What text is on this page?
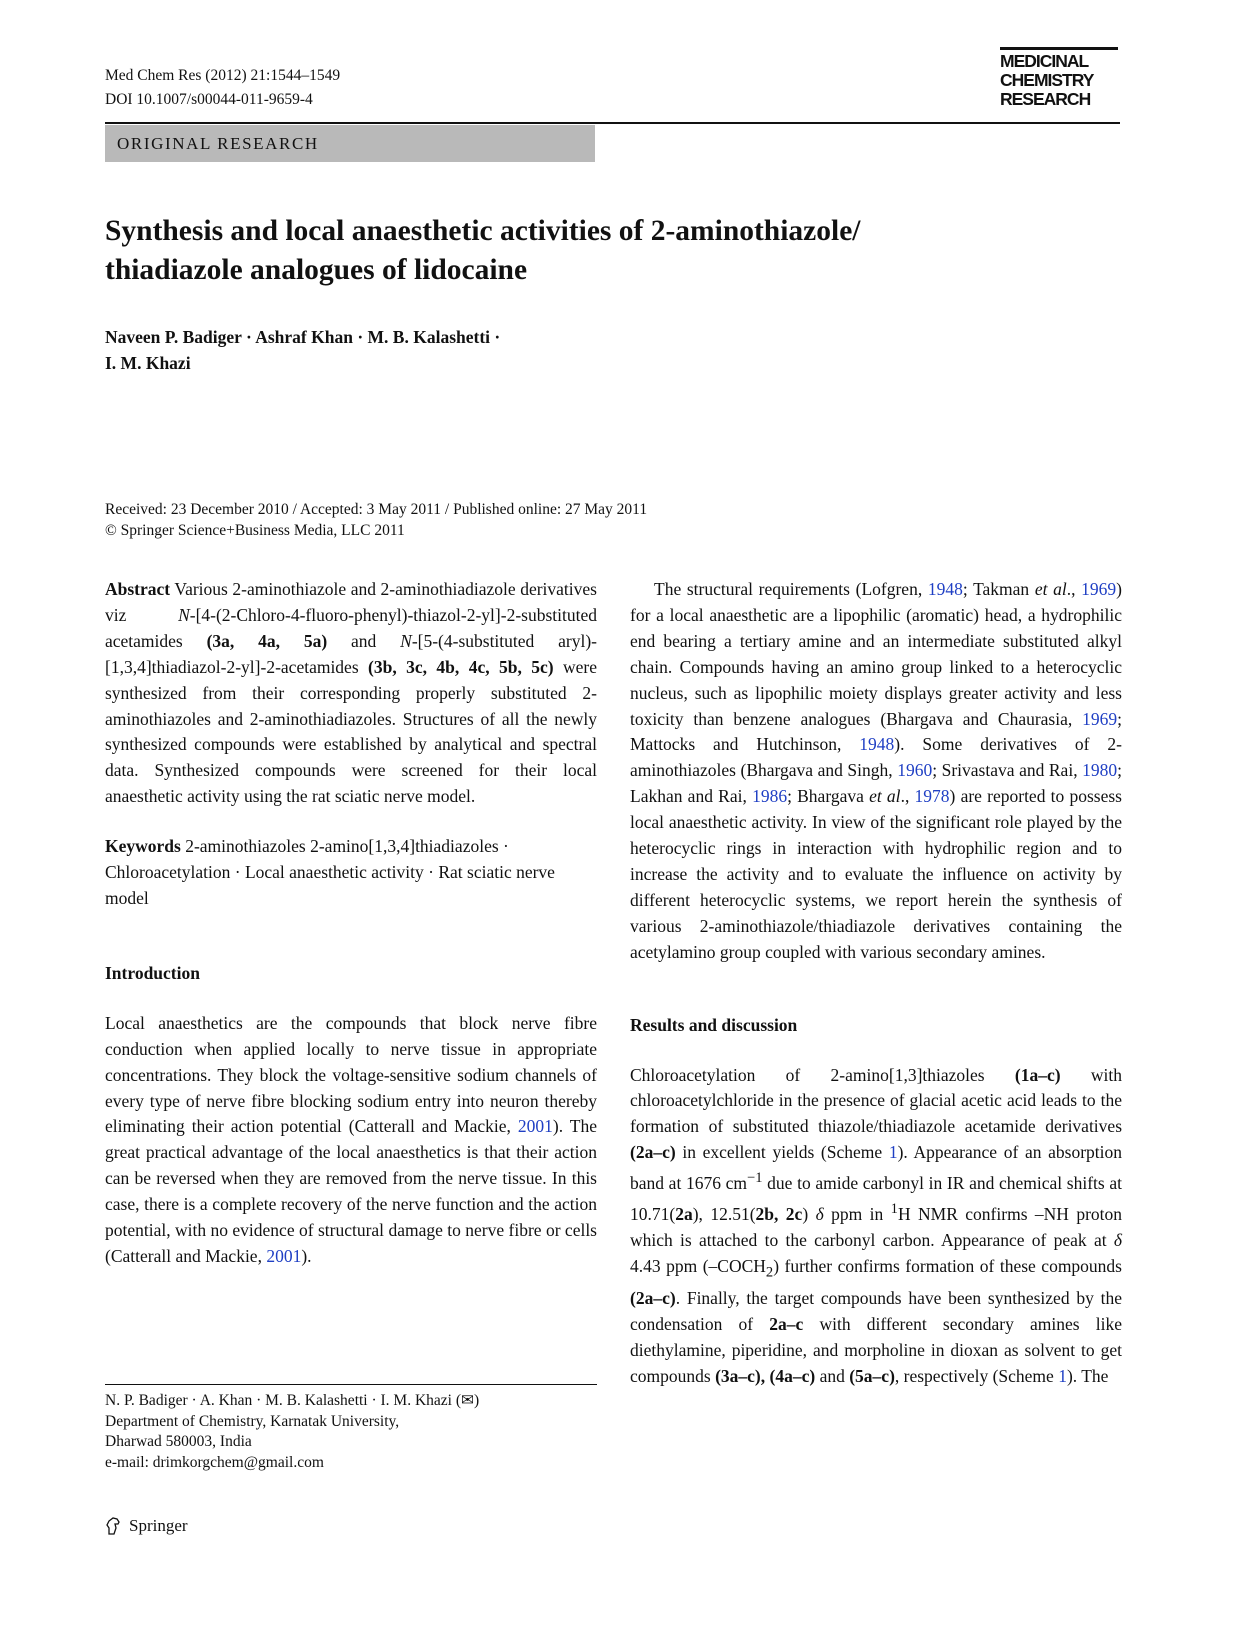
Med Chem Res (2012) 21:1544–1549
DOI 10.1007/s00044-011-9659-4
MEDICINAL
CHEMISTRY
RESEARCH
ORIGINAL RESEARCH
Synthesis and local anaesthetic activities of 2-aminothiazole/
thiadiazole analogues of lidocaine
Naveen P. Badiger · Ashraf Khan · M. B. Kalashetti ·
I. M. Khazi
Received: 23 December 2010 / Accepted: 3 May 2011 / Published online: 27 May 2011
© Springer Science+Business Media, LLC 2011

Abstract Various 2-aminothiazole and 2-aminothiadiazole derivatives viz N-[4-(2-Chloro-4-fluoro-phenyl)-thiazol-2-yl]-2-substituted acetamides (3a, 4a, 5a) and N-[5-(4-substituted aryl)-[1,3,4]thiadiazol-2-yl]-2-acetamides (3b, 3c, 4b, 4c, 5b, 5c) were synthesized from their corresponding properly substituted 2-aminothiazoles and 2-aminothiadiazoles. Structures of all the newly synthesized compounds were established by analytical and spectral data. Synthesized compounds were screened for their local anaesthetic activity using the rat sciatic nerve model.

Keywords 2-aminothiazoles 2-amino[1,3,4]thiadiazoles · Chloroacetylation · Local anaesthetic activity · Rat sciatic nerve model

Introduction

Local anaesthetics are the compounds that block nerve fibre conduction when applied locally to nerve tissue in appropriate concentrations. They block the voltage-sensitive sodium channels of every type of nerve fibre blocking sodium entry into neuron thereby eliminating their action potential (Catterall and Mackie, 2001). The great practical advantage of the local anaesthetics is that their action can be reversed when they are removed from the nerve tissue. In this case, there is a complete recovery of the nerve function and the action potential, with no evidence of structural damage to nerve fibre or cells (Catterall and Mackie, 2001).

N. P. Badiger · A. Khan · M. B. Kalashetti · I. M. Khazi (✉)
Department of Chemistry, Karnatak University,
Dharwad 580003, India
e-mail: drimkorgchem@gmail.com
Springer

The structural requirements (Lofgren, 1948; Takman et al., 1969) for a local anaesthetic are a lipophilic (aromatic) head, a hydrophilic end bearing a tertiary amine and an intermediate substituted alkyl chain. Compounds having an amino group linked to a heterocyclic nucleus, such as lipophilic moiety displays greater activity and less toxicity than benzene analogues (Bhargava and Chaurasia, 1969; Mattocks and Hutchinson, 1948). Some derivatives of 2-aminothiazoles (Bhargava and Singh, 1960; Srivastava and Rai, 1980; Lakhan and Rai, 1986; Bhargava et al., 1978) are reported to possess local anaesthetic activity. In view of the significant role played by the heterocyclic rings in interaction with hydrophilic region and to increase the activity and to evaluate the influence on activity by different heterocyclic systems, we report herein the synthesis of various 2-aminothiazole/thiadiazole derivatives containing the acetylamino group coupled with various secondary amines.

Results and discussion

Chloroacetylation of 2-amino[1,3]thiazoles (1a–c) with chloroacetylchloride in the presence of glacial acetic acid leads to the formation of substituted thiazole/thiadiazole acetamide derivatives (2a–c) in excellent yields (Scheme 1). Appearance of an absorption band at 1676 $cm^{-1}$ due to amide carbonyl in IR and chemical shifts at 10.71(2a), 12.51(2b, 2c) δ ppm in $^1$H NMR confirms –NH proton which is attached to the carbonyl carbon. Appearance of peak at δ 4.43 ppm $(-COCH_2)$ further confirms formation of these compounds (2a–c). Finally, the target compounds have been synthesized by the condensation of 2a–c with different secondary amines like diethylamine, piperidine, and morpholine in dioxan as solvent to get compounds (3a–c), (4a–c) and (5a–c), respectively (Scheme 1). The
